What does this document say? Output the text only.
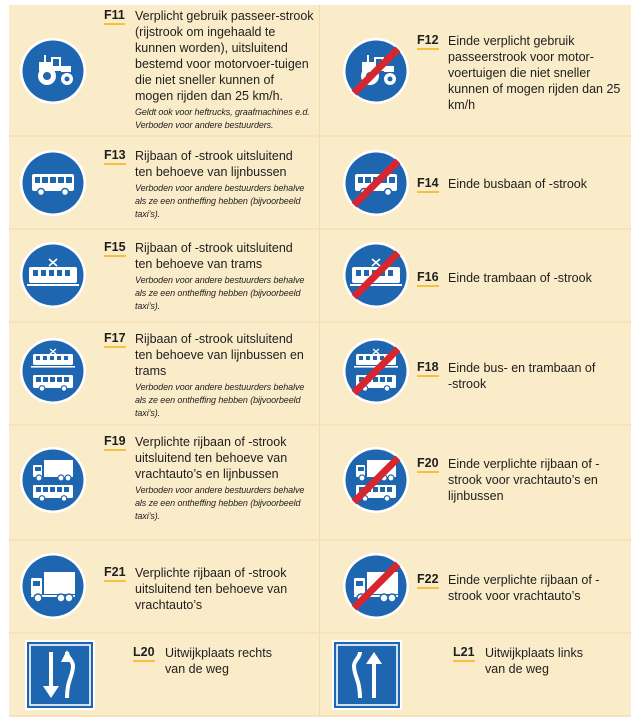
F11 Verplicht gebruik passeer-strook (rijstrook om ingehaald te kunnen worden), uitsluitend bestemd voor motorvoer-tuigen die niet sneller kunnen of mogen rijden dan 25 km/h.
Geldt ook voor heftrucks, graafmachines e.d. Verboden voor andere bestuurders.
F12 Einde verplicht gebruik passeerstrook voor motor-voertuigen die niet sneller kunnen of mogen rijden dan 25 km/h
F13 Rijbaan of -strook uitsluitend ten behoeve van lijnbussen
Verboden voor andere bestuurders behalve als ze een ontheffing hebben (bijvoorbeeld taxi’s).
F14 Einde busbaan of -strook
F15 Rijbaan of -strook uitsluitend ten behoeve van trams
Verboden voor andere bestuurders behalve als ze een ontheffing hebben (bijvoorbeeld taxi’s).
F16 Einde trambaan of -strook
F17 Rijbaan of -strook uitsluitend ten behoeve van lijnbussen en trams
Verboden voor andere bestuurders behalve als ze een ontheffing hebben (bijvoorbeeld taxi’s).
F18 Einde bus- en trambaan of -strook
F19 Verplichte rijbaan of -strook uitsluitend ten behoeve van vrachtauto’s en lijnbussen
Verboden voor andere bestuurders behalve als ze een ontheffing hebben (bijvoorbeeld taxi’s).
F20 Einde verplichte rijbaan of -strook voor vrachtauto’s en lijnbussen
F21 Verplichte rijbaan of -strook uitsluitend ten behoeve van vrachtauto’s
F22 Einde verplichte rijbaan of -strook voor vrachtauto’s
L20 Uitwijkplaats rechts van de weg
L21 Uitwijkplaats links van de weg
